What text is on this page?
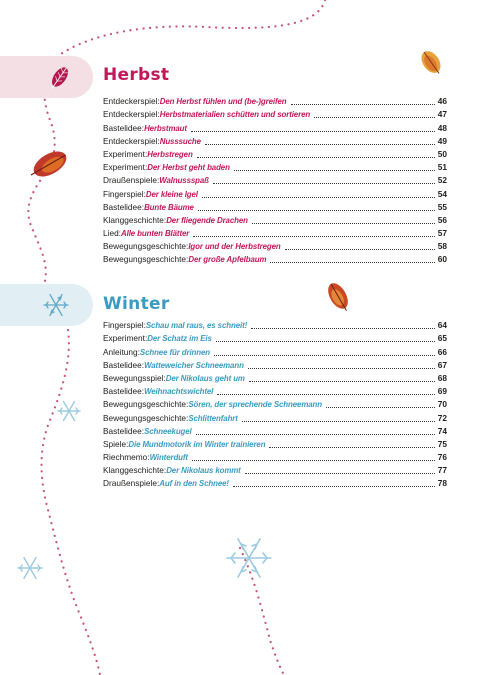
Herbst
Entdeckerspiel: Den Herbst fühlen und (be-)greifen	46
Entdeckerspiel: Herbstmaterialien schütten und sortieren	47
Bastelidee: Herbstmaut	48
Entdeckerspiel: Nusssuche	49
Experiment: Herbstregen	50
Experiment: Der Herbst geht baden	51
Draußenspiele: Walnussspaß	52
Fingerspiel: Der kleine Igel	54
Bastelidee: Bunte Bäume	55
Klanggeschichte: Der fliegende Drachen	56
Lied: Alle bunten Blätter	57
Bewegungsgeschichte: Igor und der Herbstregen	58
Bewegungsgeschichte: Der große Apfelbaum	60
Winter
Fingerspiel: Schau mal raus, es schneit!	64
Experiment: Der Schatz im Eis	65
Anleitung: Schnee für drinnen	66
Bastelidee: Watteweicher Schneemann	67
Bewegungsspiel: Der Nikolaus geht um	68
Bastelidee: Weihnachtswichtel	69
Bewegungsgeschichte: Sören, der sprechende Schneemann	70
Bewegungsgeschichte: Schlittenfahrt	72
Bastelidee: Schneekugel	74
Spiele: Die Mundmotorik im Winter trainieren	75
Riechmemo: Winterduft	76
Klanggeschichte: Der Nikolaus kommt	77
Draußenspiele: Auf in den Schnee!	78
